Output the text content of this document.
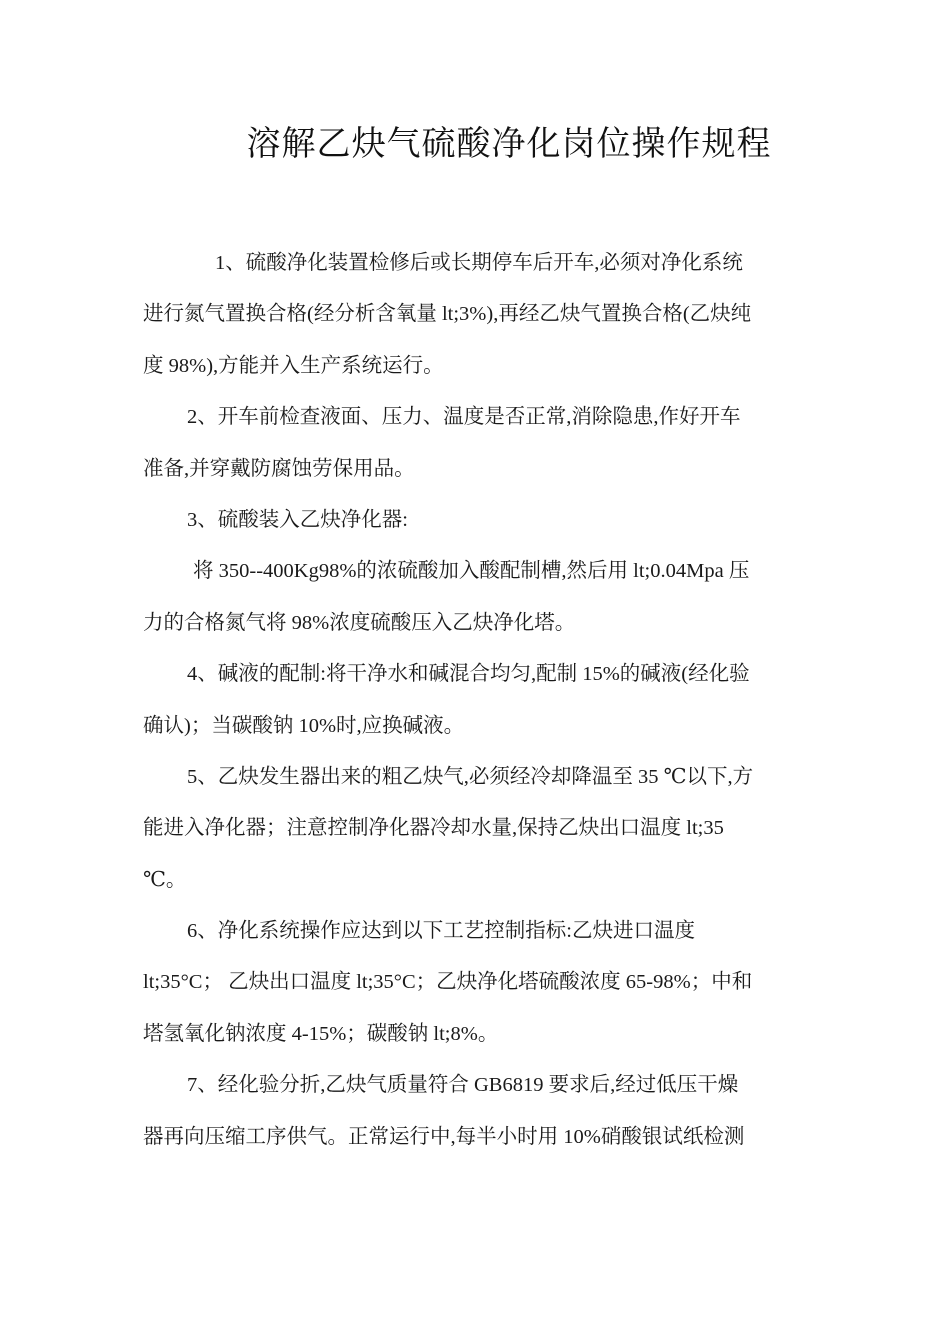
溶解乙炔气硫酸净化岗位操作规程
1、硫酸净化装置检修后或长期停车后开车,必须对净化系统
进行氮气置换合格(经分析含氧量 lt;3%),再经乙炔气置换合格(乙炔纯
度 98%),方能并入生产系统运行。
2、开车前检查液面、压力、温度是否正常,消除隐患,作好开车
准备,并穿戴防腐蚀劳保用品。
3、硫酸装入乙炔净化器:
将 350--400Kg98%的浓硫酸加入酸配制槽,然后用 lt;0.04Mpa 压
力的合格氮气将 98%浓度硫酸压入乙炔净化塔。
4、碱液的配制:将干净水和碱混合均匀,配制 15%的碱液(经化验
确认)；当碳酸钠 10%时,应换碱液。
5、乙炔发生器出来的粗乙炔气,必须经冷却降温至 35 ℃以下,方
能进入净化器；注意控制净化器冷却水量,保持乙炔出口温度 lt;35
℃。
6、净化系统操作应达到以下工艺控制指标:乙炔进口温度
lt;35°C； 乙炔出口温度 lt;35°C；乙炔净化塔硫酸浓度 65-98%；中和
塔氢氧化钠浓度 4-15%；碳酸钠 lt;8%。
7、经化验分折,乙炔气质量符合 GB6819 要求后,经过低压干燥
器再向压缩工序供气。正常运行中,每半小时用 10%硝酸银试纸检测
